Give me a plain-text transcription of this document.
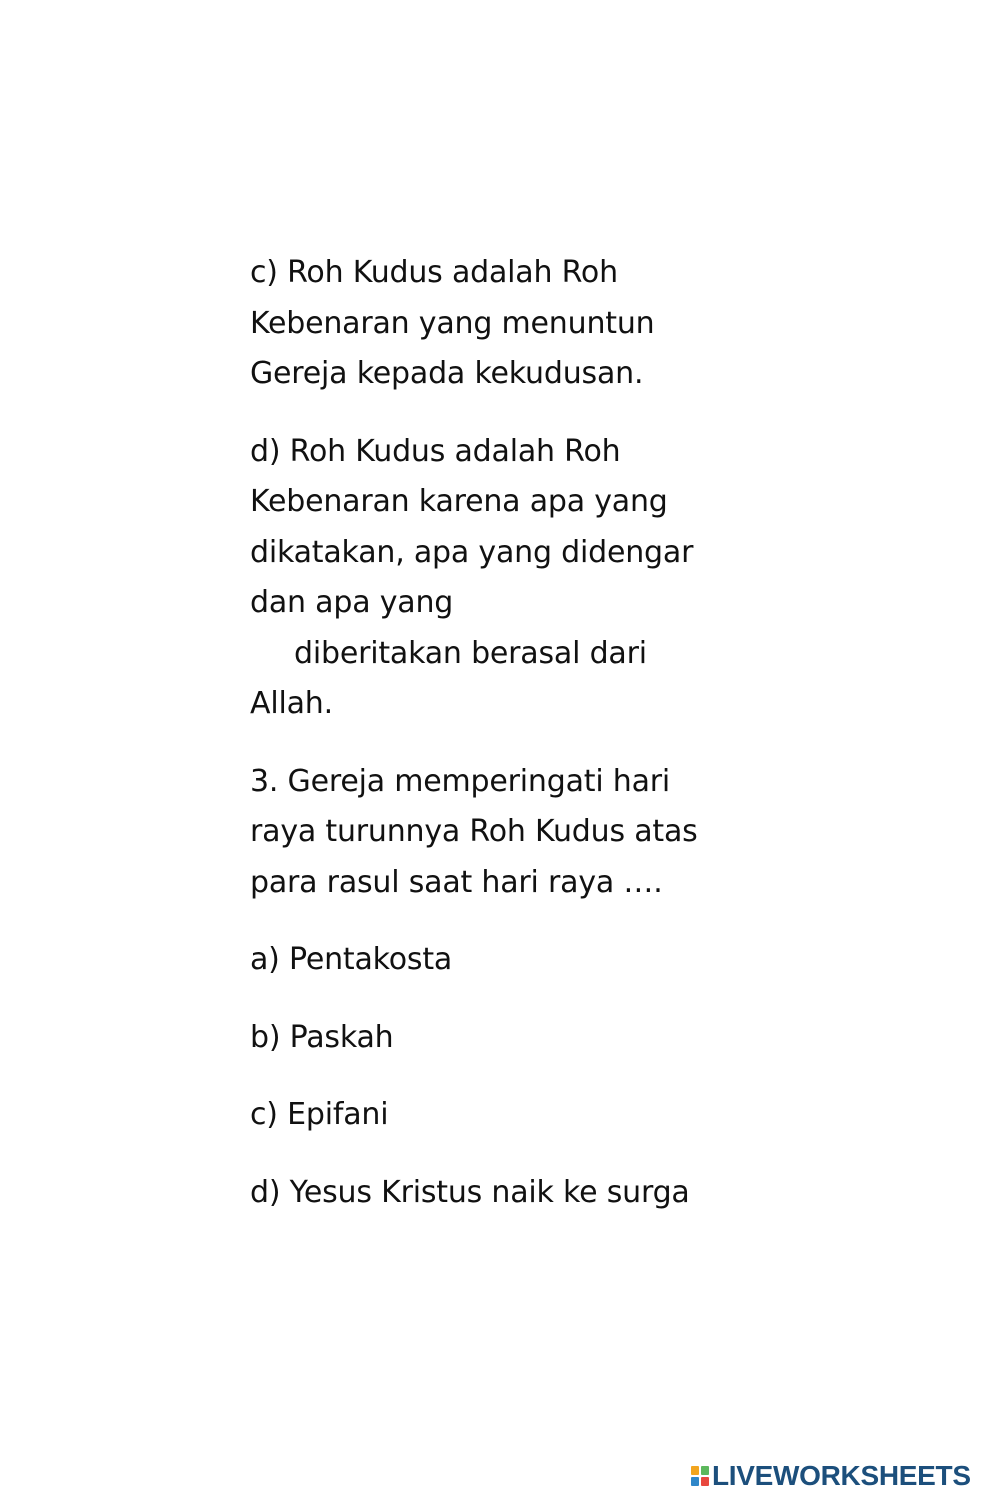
c) Roh Kudus adalah Roh
Kebenaran yang menuntun
Gereja kepada kekudusan.
d) Roh Kudus adalah Roh
Kebenaran karena apa yang
dikatakan, apa yang didengar
dan apa yang
diberitakan berasal dari
Allah.
3. Gereja memperingati hari
raya turunnya Roh Kudus atas
para rasul saat hari raya ….
a) Pentakosta
b) Paskah
c) Epifani
d) Yesus Kristus naik ke surga
LIVEWORKSHEETS
